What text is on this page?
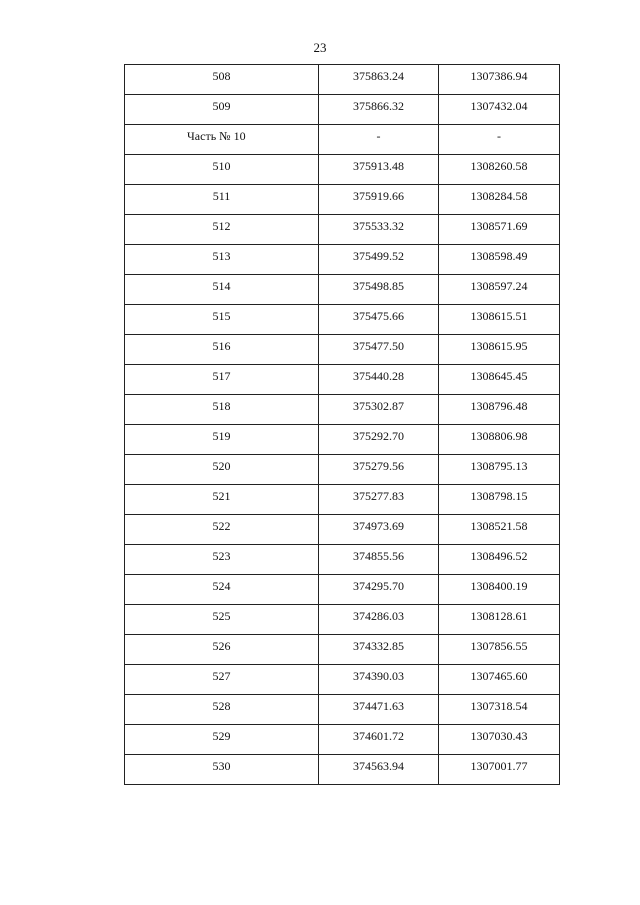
23
508	375863.24	1307386.94
509	375866.32	1307432.04
Часть № 10	-	-
510	375913.48	1308260.58
511	375919.66	1308284.58
512	375533.32	1308571.69
513	375499.52	1308598.49
514	375498.85	1308597.24
515	375475.66	1308615.51
516	375477.50	1308615.95
517	375440.28	1308645.45
518	375302.87	1308796.48
519	375292.70	1308806.98
520	375279.56	1308795.13
521	375277.83	1308798.15
522	374973.69	1308521.58
523	374855.56	1308496.52
524	374295.70	1308400.19
525	374286.03	1308128.61
526	374332.85	1307856.55
527	374390.03	1307465.60
528	374471.63	1307318.54
529	374601.72	1307030.43
530	374563.94	1307001.77
